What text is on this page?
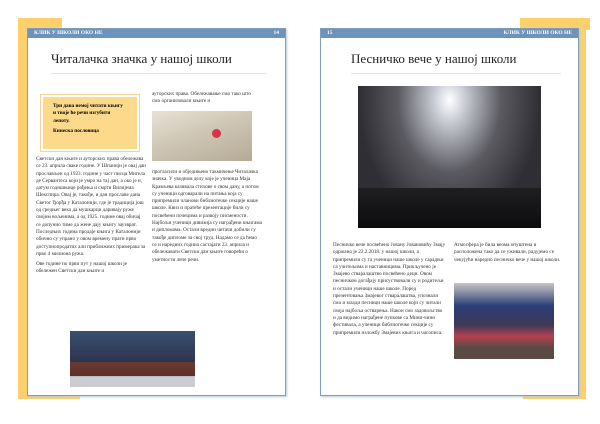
КЛИК У ШКОЛИ ОКО НЕ	14
Читалачка значка у нашој школи
Три дана немој читати књигу и твоје ће речи изгубити лепоту.
Кинеска пословица

Светски дан књиге и ауторских права обележава се 23. априла сваке године. У Шпанији је овај дан прослављен од 1923. године у част писца Мигела де Сервантеса који је умро на тај дан, а око је и, датум годишњице рођења и смрти Вилијема Шекспира. Овај је, такође, и дан прославе дана Светог Ђорђа у Каталонији, где је традиција још од средњег века да мушкарци даривају руже својим вољенима, а од 1925. године овај обичај се допунио тиме да жене дају књигу заузврат. Последњих година продаје књига у Каталонији обично су упрано у овом времену прати прво доступнопродатих али приближних примерака за прво 4 милиона ружа.

Ове године по први пут у нашој школи је обележен Светски дан књиге и

ауторских права. Обележавање смо тако што смо организовали књиге и
прогласили и обједињено такмичење Читалачка значка. У уводном делу које је ученица Маја Крављева казивала стихове о свом дану, а потом су ученици одговарали на питања која су припремили чланови библиотечке секције наше школе. Квиз и пратеће презентације били су посвећени почецима и развоју писмености. Најбољи ученици дивизија су награђени књигама и дипломама. Остали вредни читачи добили су такође дипломе за свој труд. Надамо се да ћемо се и наредних година састајати 23. априла и обележавати Светски дан књиге говорећи о уметности лепе речи.
15	КЛИК У ШКОЛИ ОКО НЕ
Песничко вече у нашој школи
Песничко вече посвећено Јовану Јовановићу Змају одржано је 22.2.2018. у нашој школи, а припремили су га ученици наше школе у сарадњи са учитељима и наставницима. Прикључено је Змајево стваралаштво посвећено деци. Овом песничком догађају присуствовали су и родитељи и остали ученици наше школе. Поред презентовања Змајевог стваралаштва, упознали смо и млади песници наше школе који су читали своја најбоља остварења. Након смо задовољство и да видимо награђене пупкове са Мини-чини фестивала, а ученици библиотечке секције су припремили изложбу Змајевих књига и часописа.
Атмосфера је била веома опуштена и расположена тако да се уживали, радујемо се чекујући наредно песничко вече у нашој школи.
